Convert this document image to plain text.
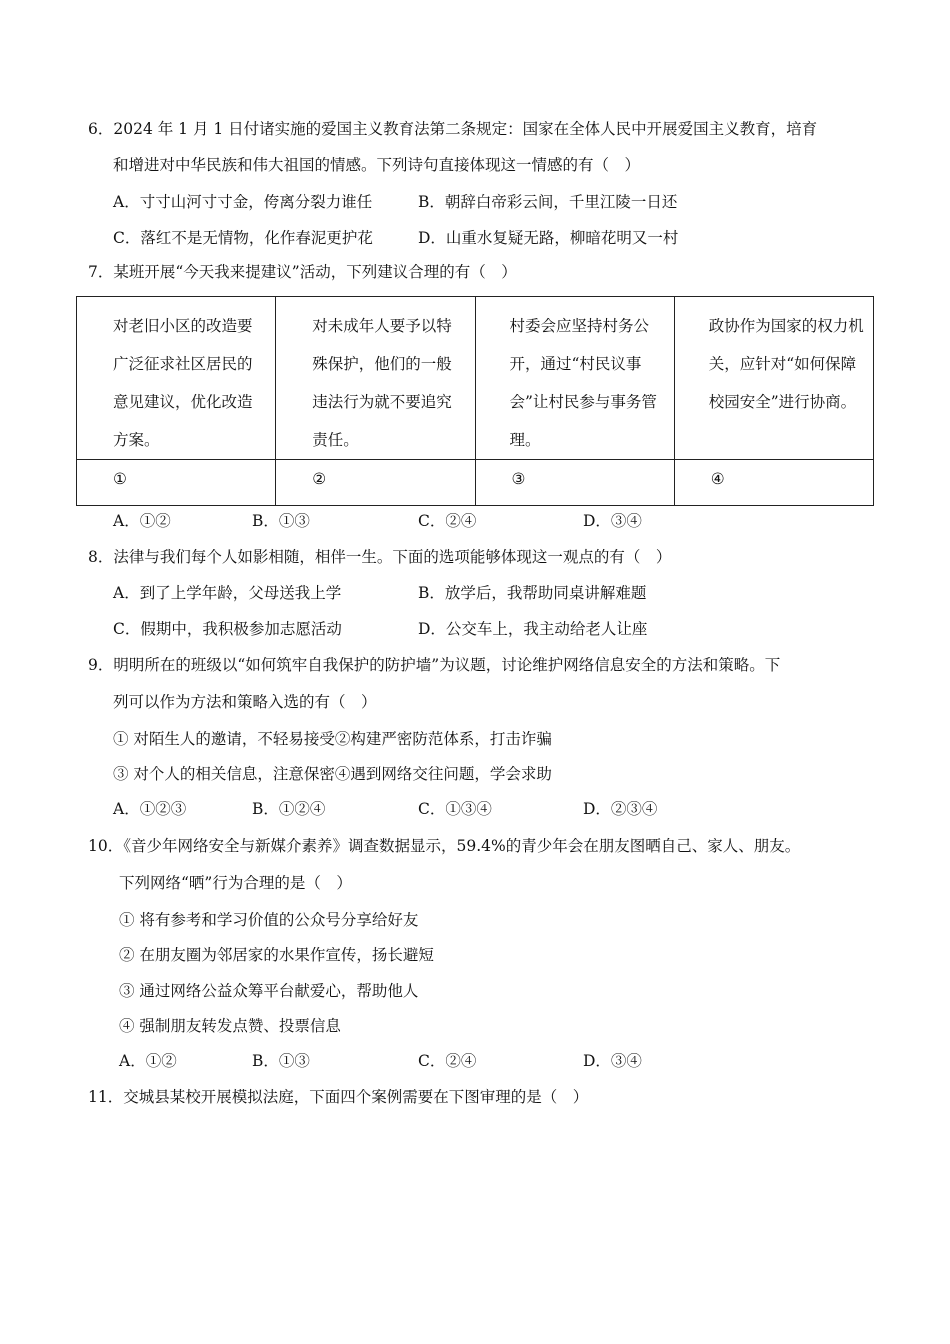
6．2024 年 1 月 1 日付诸实施的爱国主义教育法第二条规定：国家在全体人民中开展爱国主义教育，培育
和增进对中华民族和伟大祖国的情感。下列诗句直接体现这一情感的有（　）
A．寸寸山河寸寸金，侉离分裂力谁任	B．朝辞白帝彩云间，千里江陵一日还
C．落红不是无情物，化作春泥更护花	D．山重水复疑无路，柳暗花明又一村
7．某班开展“今天我来提建议”活动，下列建议合理的有（　）
对老旧小区的改造要广泛征求社区居民的意见建议，优化改造方案。	对未成年人要予以特殊保护，他们的一般违法行为就不要追究责任。	村委会应坚持村务公开，通过“村民议事会”让村民参与事务管理。	政协作为国家的权力机关，应针对“如何保障校园安全”进行协商。

①	②	③	④
A．①②	B．①③	C．②④	D．③④
8．法律与我们每个人如影相随，相伴一生。下面的选项能够体现这一观点的有（　）
A．到了上学年龄，父母送我上学	B．放学后，我帮助同桌讲解难题
C．假期中，我积极参加志愿活动	D．公交车上，我主动给老人让座
9．明明所在的班级以“如何筑牢自我保护的防护墙”为议题，讨论维护网络信息安全的方法和策略。下
列可以作为方法和策略入选的有（　）
① 对陌生人的邀请，不轻易接受②构建严密防范体系，打击诈骗
③ 对个人的相关信息，注意保密④遇到网络交往问题，学会求助
A．①②③	B．①②④	C．①③④	D．②③④
10．《音少年网络安全与新媒介素养》调查数据显示，59.4%的青少年会在朋友图晒自己、家人、朋友。
下列网络“晒”行为合理的是（　）
① 将有参考和学习价值的公众号分享给好友
② 在朋友圈为邻居家的水果作宣传，扬长避短
③ 通过网络公益众筹平台献爱心，帮助他人
④ 强制朋友转发点赞、投票信息
A．①②	B．①③	C．②④	D．③④
11．交城县某校开展模拟法庭，下面四个案例需要在下图审理的是（　）
